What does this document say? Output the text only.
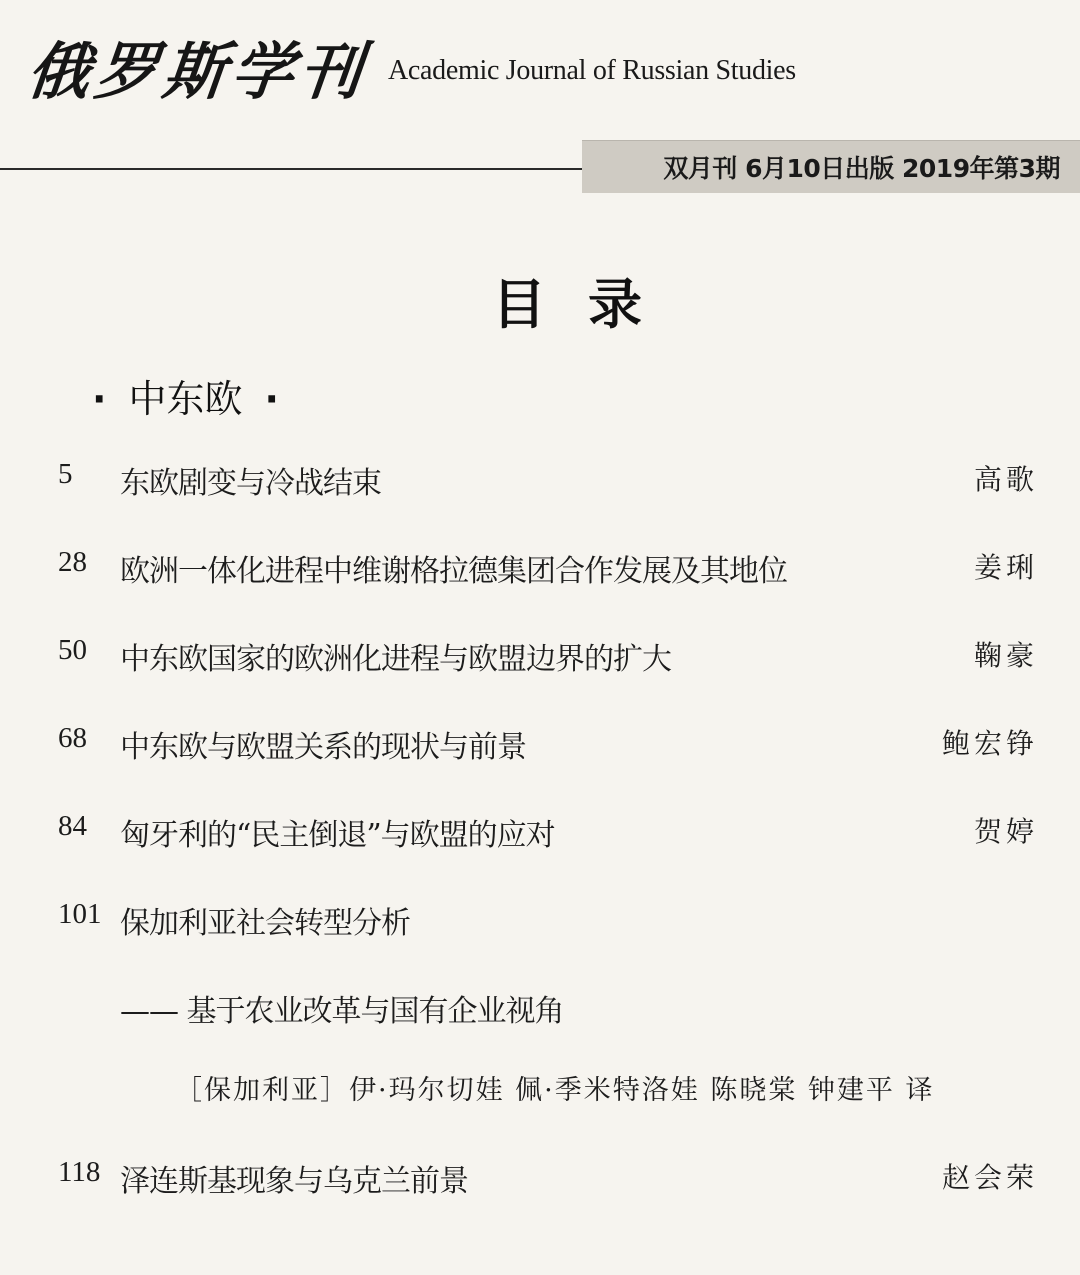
俄罗斯学刊 Academic Journal of Russian Studies
双月刊 6月10日出版 2019年第3期
目录
· 中东欧 ·
5 东欧剧变与冷战结束	高歌
28 欧洲一体化进程中维谢格拉德集团合作发展及其地位	姜琍
50 中东欧国家的欧洲化进程与欧盟边界的扩大	鞠豪
68 中东欧与欧盟关系的现状与前景	鲍宏铮
84 匈牙利的“民主倒退”与欧盟的应对	贺婷
101 保加利亚社会转型分析
—— 基于农业改革与国有企业视角
［保加利亚］伊·玛尔切娃 佩·季米特洛娃 陈晓棠 钟建平 译
118 泽连斯基现象与乌克兰前景	赵会荣
